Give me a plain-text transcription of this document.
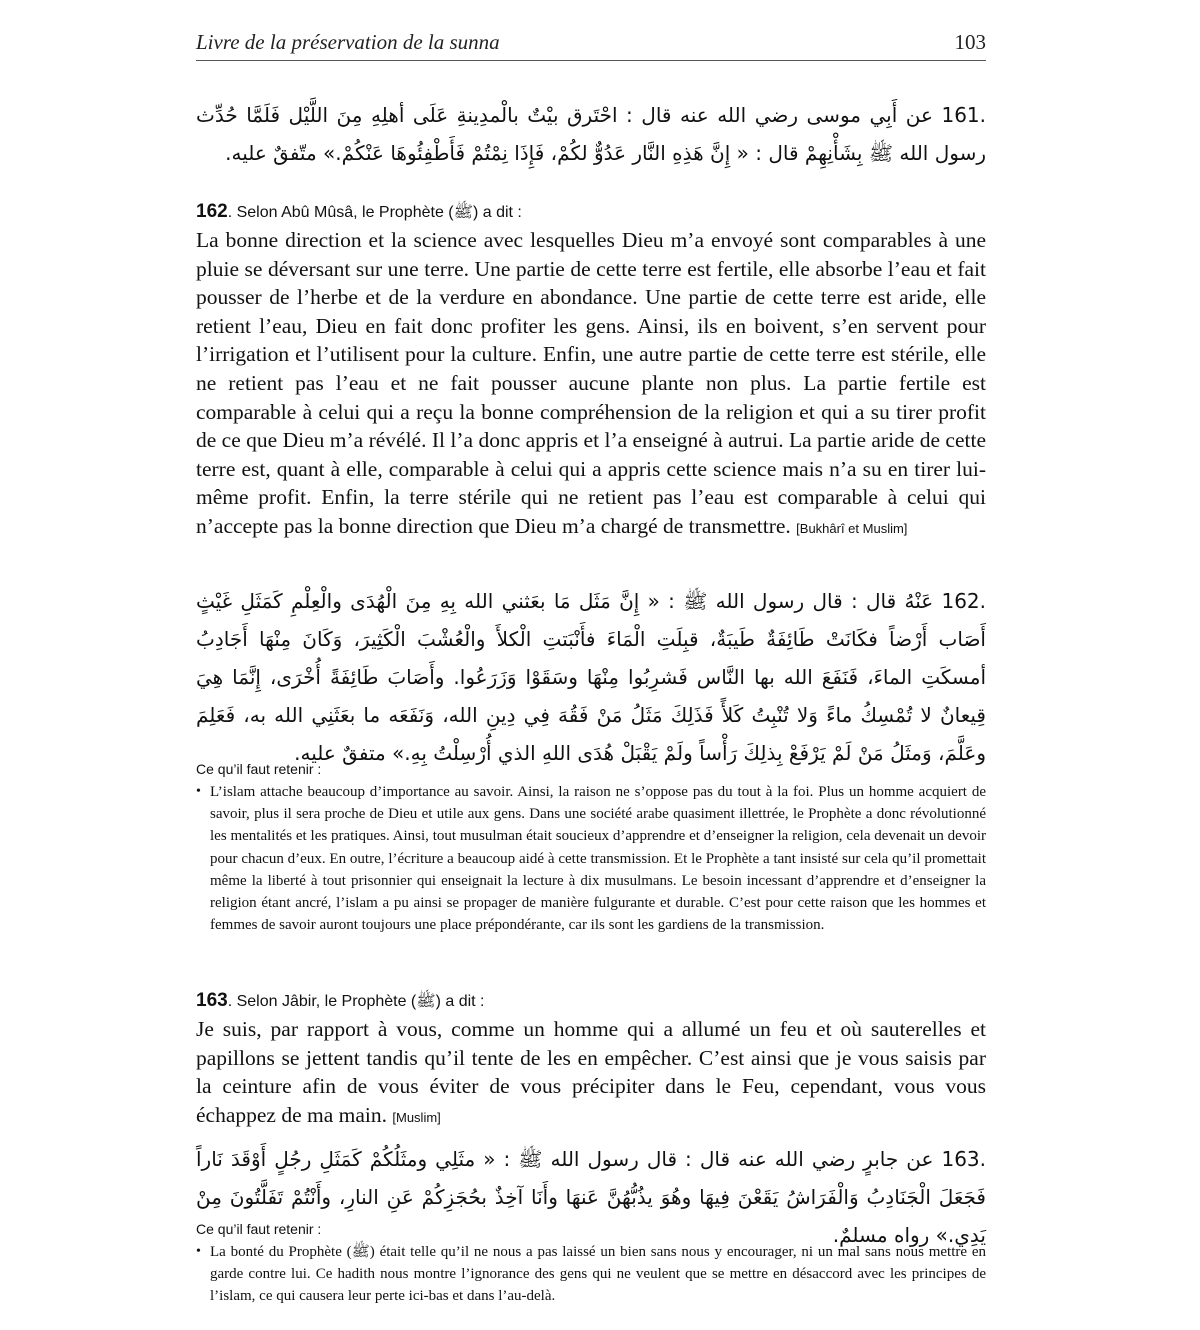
Livre de la préservation de la sunna	103
161. عن أَبِي موسى رضي الله عنه قال : احْتَرق بيْتٌ بالْمدِينةِ عَلَى أهلِهِ مِنَ اللَّيْل فَلَمَّا حُدِّث رسول الله ﷺ بِشَأْنِهِمْ قال : « إِنَّ هَذِهِ النَّار عَدُوٌّ لكُمْ، فَإِذَا نِمْتُمْ فَأَطْفِئُوهَا عَنْكُمْ.» متّفقٌ عليه.
162. Selon Abû Mûsâ, le Prophète (ﷺ) a dit :
La bonne direction et la science avec lesquelles Dieu m’a envoyé sont comparables à une pluie se déversant sur une terre. Une partie de cette terre est fertile, elle absorbe l’eau et fait pousser de l’herbe et de la verdure en abondance. Une partie de cette terre est aride, elle retient l’eau, Dieu en fait donc profiter les gens. Ainsi, ils en boivent, s’en servent pour l’irrigation et l’utilisent pour la culture. Enfin, une autre partie de cette terre est stérile, elle ne retient pas l’eau et ne fait pousser aucune plante non plus. La partie fertile est comparable à celui qui a reçu la bonne compréhension de la religion et qui a su tirer profit de ce que Dieu m’a révélé. Il l’a donc appris et l’a enseigné à autrui. La partie aride de cette terre est, quant à elle, comparable à celui qui a appris cette science mais n’a su en tirer lui-même profit. Enfin, la terre stérile qui ne retient pas l’eau est comparable à celui qui n’accepte pas la bonne direction que Dieu m’a chargé de transmettre. [Bukhârî et Muslim]
162. عَنْهُ قال : قال رسول الله ﷺ : « إِنَّ مَثَل مَا بعَثني الله بِهِ مِنَ الْهُدَى والْعِلْمِ كَمَثَلِ غَيْثٍ أَصَاب أَرْضاً فكَانَتْ طَائِفَةٌ طَيبَةٌ، قبِلَتِ الْمَاءَ فأَنْبَتتِ الْكلأَ والْعُشْبَ الْكَثِيرَ، وَكَانَ مِنْهَا أَجَادِبُ أمسكَتِ الماءَ، فَنَفَعَ الله بها النَّاس فَشرِبُوا مِنْهَا وسَقَوْا وَزَرَعُوا. وأَصَابَ طَائِفَةً أُخْرَى، إِنَّمَا هِيَ قِيعانٌ لا تُمْسِكُ ماءً وَلا تُنْبِتُ كَلأً فَذَلِكَ مَثَلُ مَنْ فَقُهَ فِي دِينِ الله، وَنَفَعَه ما بعَثَنِي الله به، فَعَلِمَ وعَلَّمَ، وَمثَلُ مَنْ لَمْ يَرْفَعْ بِذلِكَ رَأْساً ولَمْ يَقْبَلْ هُدَى اللهِ الذي أُرْسِلْتُ بِهِ.» متفقٌ عليه.
Ce qu’il faut retenir :
• L’islam attache beaucoup d’importance au savoir. Ainsi, la raison ne s’oppose pas du tout à la foi. Plus un homme acquiert de savoir, plus il sera proche de Dieu et utile aux gens. Dans une société arabe quasiment illettrée, le Prophète a donc révolutionné les mentalités et les pratiques. Ainsi, tout musulman était soucieux d’apprendre et d’enseigner la religion, cela devenait un devoir pour chacun d’eux. En outre, l’écriture a beaucoup aidé à cette transmission. Et le Prophète a tant insisté sur cela qu’il promettait même la liberté à tout prisonnier qui enseignait la lecture à dix musulmans. Le besoin incessant d’apprendre et d’enseigner la religion étant ancré, l’islam a pu ainsi se propager de manière fulgurante et durable. C’est pour cette raison que les hommes et femmes de savoir auront toujours une place prépondérante, car ils sont les gardiens de la transmission.
163. Selon Jâbir, le Prophète (ﷺ) a dit :
Je suis, par rapport à vous, comme un homme qui a allumé un feu et où sauterelles et papillons se jettent tandis qu’il tente de les en empêcher. C’est ainsi que je vous saisis par la ceinture afin de vous éviter de vous précipiter dans le Feu, cependant, vous vous échappez de ma main. [Muslim]
163. عن جابرٍ رضي الله عنه قال : قال رسول الله ﷺ : « مثَلِي ومثَلُكُمْ كَمَثَلِ رجُلٍ أَوْقَدَ نَاراً فَجَعَلَ الْجَنَادِبُ وَالْفَرَاشُ يَقَعْنَ فِيهَا وهُوَ يذُبُّهُنَّ عَنهَا وأَنَا آخِذٌ بحُجَزِكُمْ عَنِ النارِ، وأَنْتُمْ تَفَلَّتُونَ مِنْ يَدِي.» رواه مسلمٌ.
Ce qu’il faut retenir :
• La bonté du Prophète (ﷺ) était telle qu’il ne nous a pas laissé un bien sans nous y encourager, ni un mal sans nous mettre en garde contre lui. Ce hadith nous montre l’ignorance des gens qui ne veulent que se mettre en désaccord avec les principes de l’islam, ce qui causera leur perte ici-bas et dans l’au-delà.
